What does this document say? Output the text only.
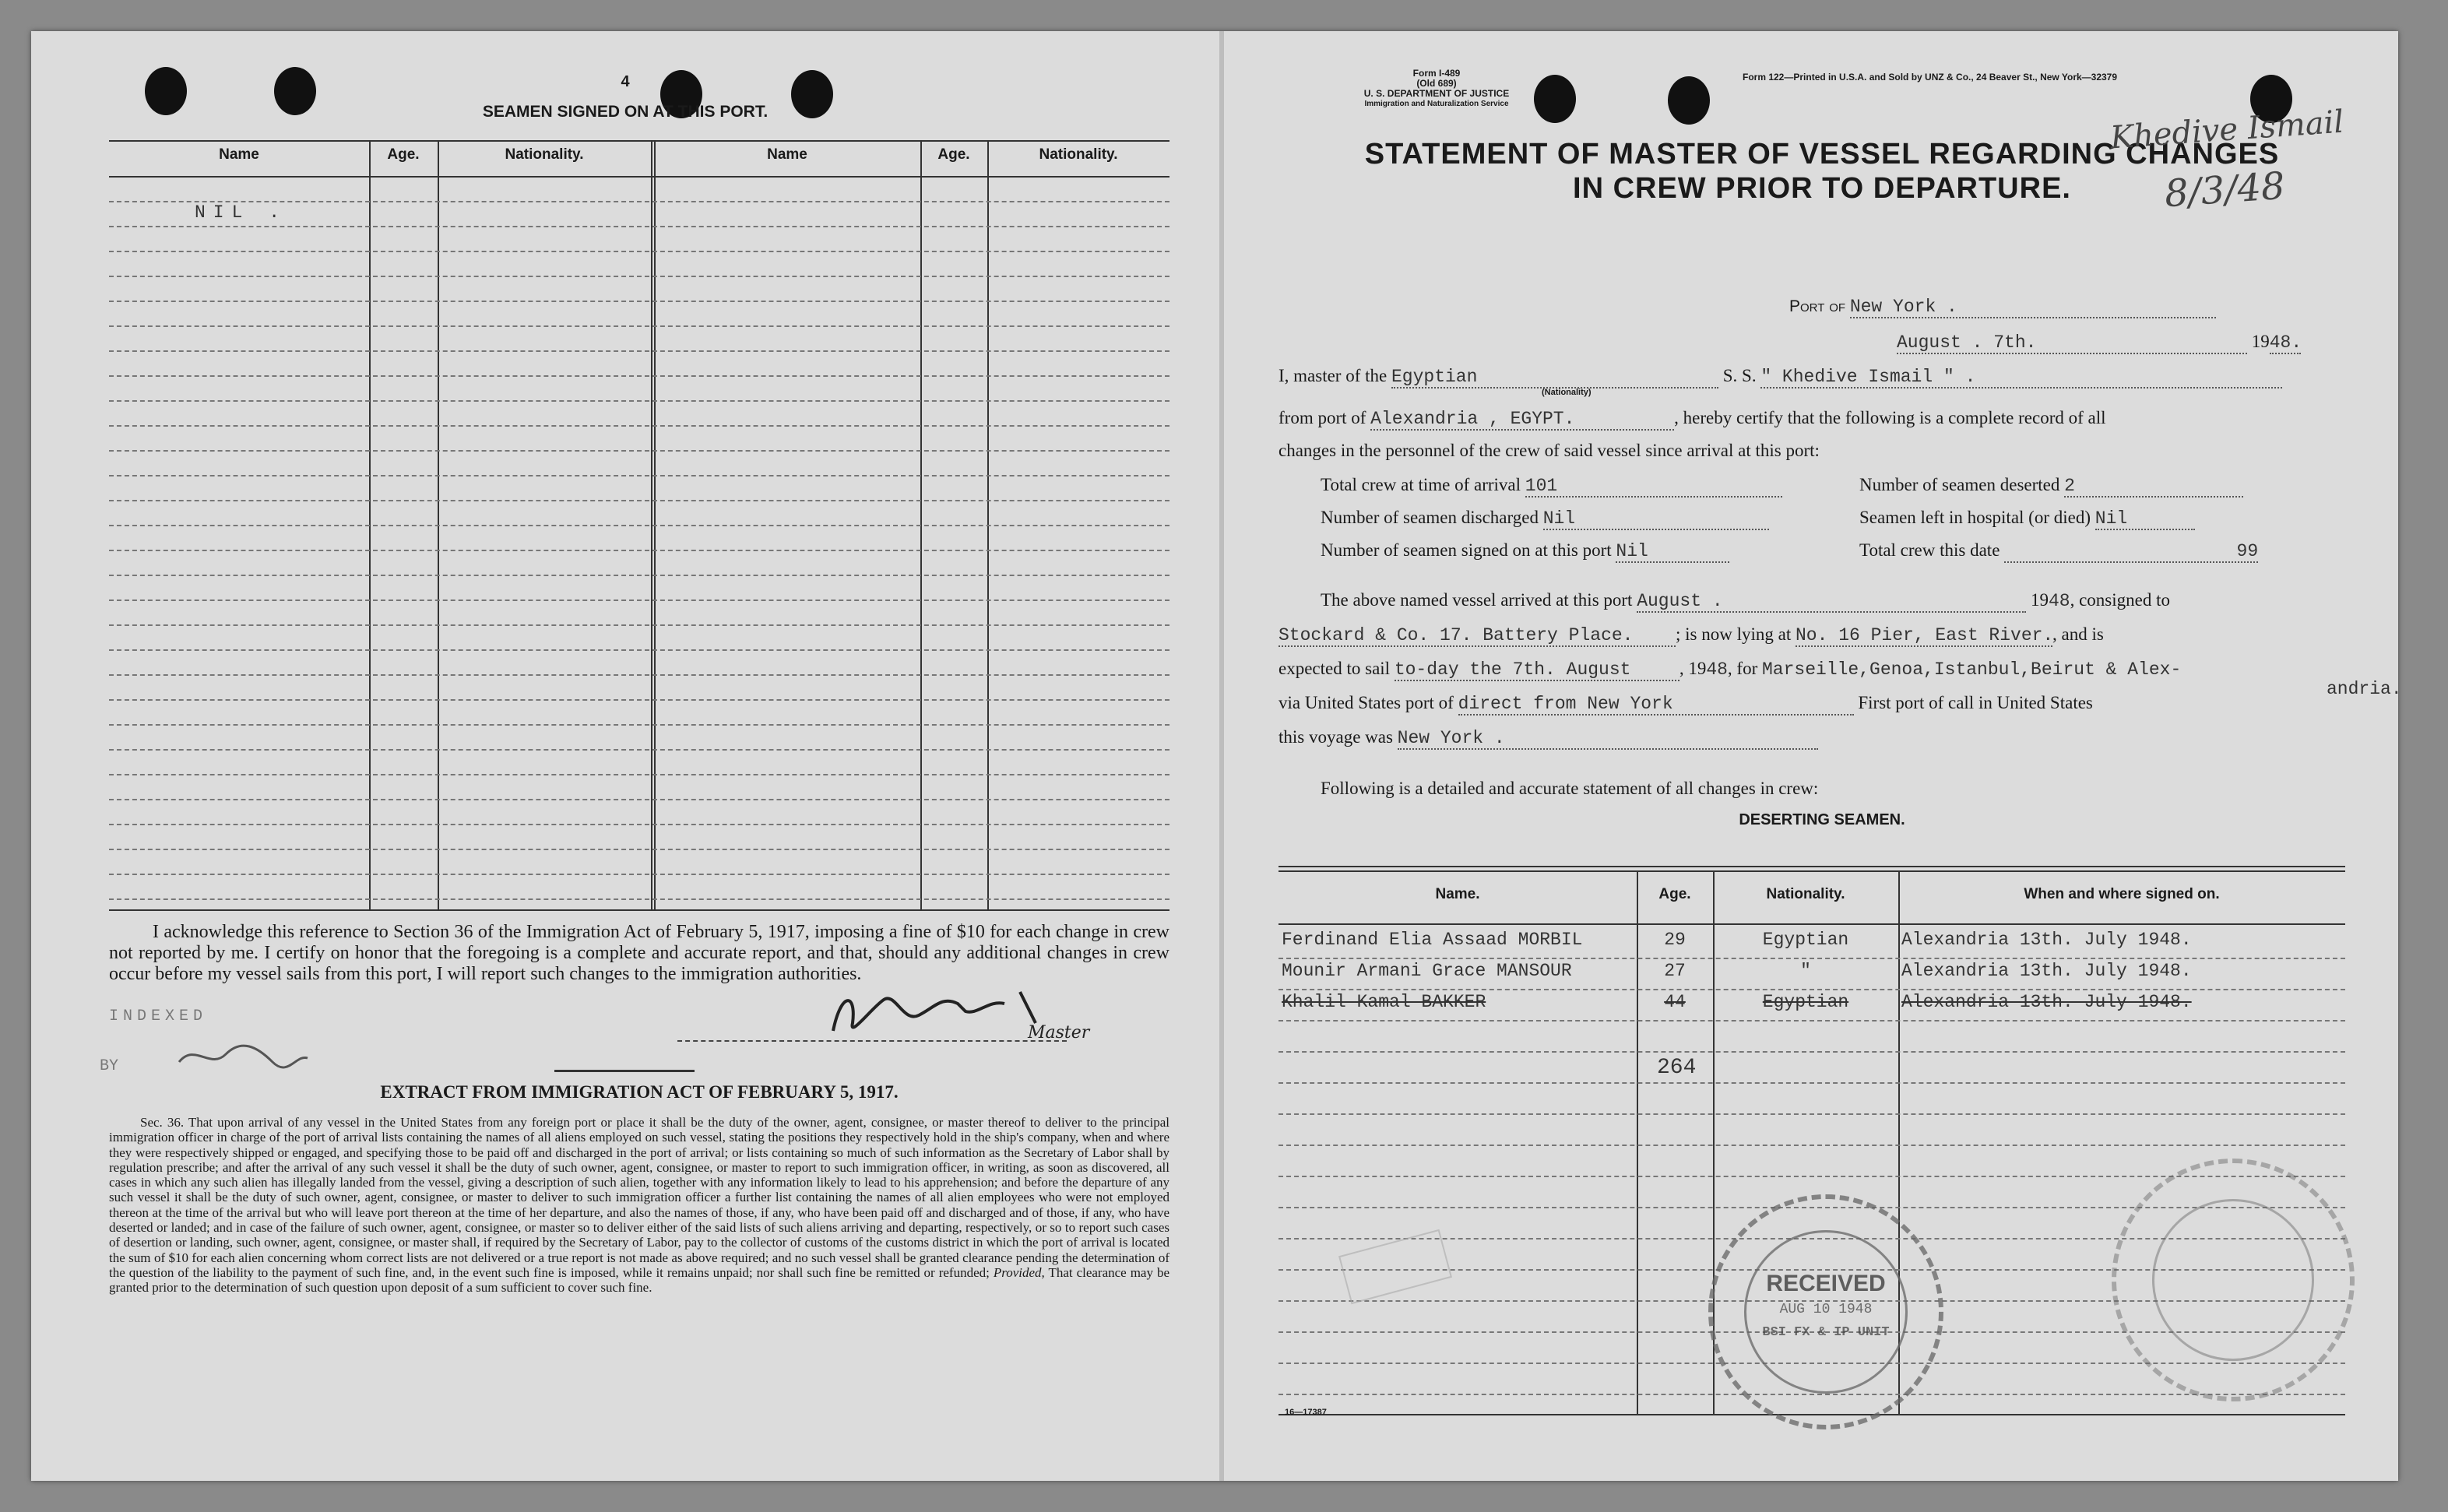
4
SEAMEN SIGNED ON AT THIS PORT.
Name	Age.	Nationality.	Name	Age.	Nationality.
NIL .
I acknowledge this reference to Section 36 of the Immigration Act of February 5, 1917, imposing a fine of $10 for each change in crew not reported by me. I certify on honor that the foregoing is a complete and accurate report, and that, should any additional changes in crew occur before my vessel sails from this port, I will report such changes to the immigration authorities.
INDEXED
BY
Master
EXTRACT FROM IMMIGRATION ACT OF FEBRUARY 5, 1917.
Sec. 36. That upon arrival of any vessel in the United States from any foreign port or place it shall be the duty of the owner, agent, consignee, or master thereof to deliver to the principal immigration officer in charge of the port of arrival lists containing the names of all aliens employed on such vessel, stating the positions they respectively hold in the ship's company, when and where they were respectively shipped or engaged, and specifying those to be paid off and discharged in the port of arrival; or lists containing so much of such information as the Secretary of Labor shall by regulation prescribe; and after the arrival of any such vessel it shall be the duty of such owner, agent, consignee, or master to report to such immigration officer, in writing, as soon as discovered, all cases in which any such alien has illegally landed from the vessel, giving a description of such alien, together with any information likely to lead to his apprehension; and before the departure of any such vessel it shall be the duty of such owner, agent, consignee, or master to deliver to such immigration officer a further list containing the names of all alien employees who were not employed thereon at the time of the arrival but who will leave port thereon at the time of her departure, and also the names of those, if any, who have been paid off and discharged and of those, if any, who have deserted or landed; and in case of the failure of such owner, agent, consignee, or master so to deliver either of the said lists of such aliens arriving and departing, respectively, or so to report such cases of desertion or landing, such owner, agent, consignee, or master shall, if required by the Secretary of Labor, pay to the collector of customs of the customs district in which the port of arrival is located the sum of $10 for each alien concerning whom correct lists are not delivered or a true report is not made as above required; and no such vessel shall be granted clearance pending the determination of the question of the liability to the payment of such fine, and, in the event such fine is imposed, while it remains unpaid; nor shall such fine be remitted or refunded; Provided, That clearance may be granted prior to the determination of such question upon deposit of a sum sufficient to cover such fine.
Form I-489
(Old 689)
U. S. DEPARTMENT OF JUSTICE
Immigration and Naturalization Service
Form 122—Printed in U.S.A. and Sold by UNZ & Co., 24 Beaver St., New York—32379
STATEMENT OF MASTER OF VESSEL REGARDING CHANGES
IN CREW PRIOR TO DEPARTURE.
Khedive Ismail
8/3/48
Port of New York .
August . 7th.	1948.
I, master of the Egyptian	S. S. " Khedive Ismail " .
(Nationality)
from port of Alexandria , EGYPT.	, hereby certify that the following is a complete record of all
changes in the personnel of the crew of said vessel since arrival at this port:
Total crew at time of arrival 101	Number of seamen deserted 2
Number of seamen discharged Nil	Seamen left in hospital (or died) Nil
Number of seamen signed on at this port Nil	Total crew this date	99
The above named vessel arrived at this port August .	1948, consigned to
Stockard & Co. 17. Battery Place. ; is now lying at No. 16 Pier, East River., and is
expected to sail to-day the 7th. August	, 1948, for Marseille,Genoa,Istanbul,Beirut & Alex-
andria.
via United States port of direct from New York	First port of call in United States
this voyage was New York .
Following is a detailed and accurate statement of all changes in crew:
DESERTING SEAMEN.
Name.	Age.	Nationality.	When and where signed on.
Ferdinand Elia Assaad MORBIL	29	Egyptian	Alexandria 13th. July 1948.
Mounir Armani Grace MANSOUR	27	"	Alexandria 13th. July 1948.
Khalil Kamal BAKKER	44	Egyptian	Alexandria 13th. July 1948.
264
RECEIVED
AUG 10 1948
BSI FX & IP UNIT
16—17387
